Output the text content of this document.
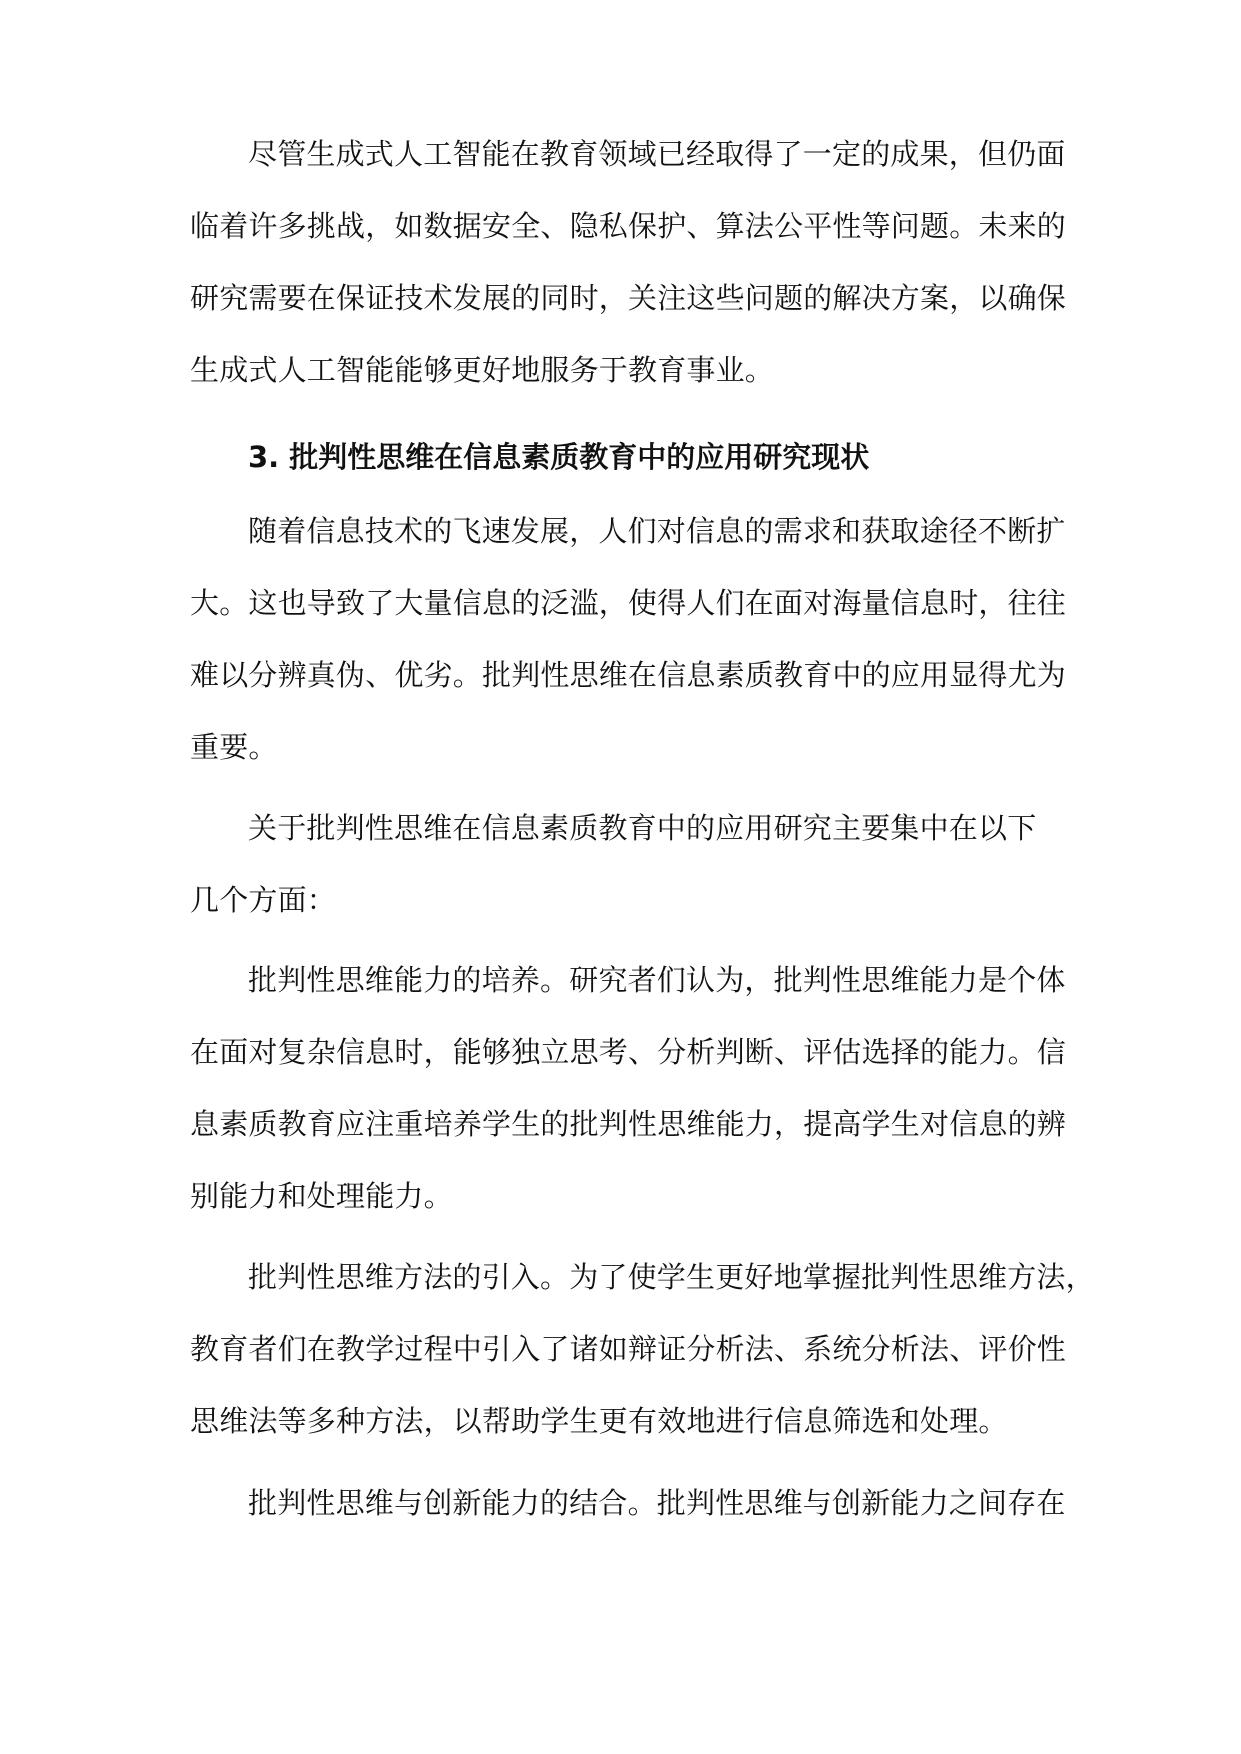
尽管生成式人工智能在教育领域已经取得了一定的成果，但仍面

临着许多挑战，如数据安全、隐私保护、算法公平性等问题。未来的

研究需要在保证技术发展的同时，关注这些问题的解决方案，以确保

生成式人工智能能够更好地服务于教育事业。

3. 批判性思维在信息素质教育中的应用研究现状

随着信息技术的飞速发展，人们对信息的需求和获取途径不断扩

大。这也导致了大量信息的泛滥，使得人们在面对海量信息时，往往

难以分辨真伪、优劣。批判性思维在信息素质教育中的应用显得尤为

重要。

关于批判性思维在信息素质教育中的应用研究主要集中在以下

几个方面：

批判性思维能力的培养。研究者们认为，批判性思维能力是个体

在面对复杂信息时，能够独立思考、分析判断、评估选择的能力。信

息素质教育应注重培养学生的批判性思维能力，提高学生对信息的辨

别能力和处理能力。

批判性思维方法的引入。为了使学生更好地掌握批判性思维方法，

教育者们在教学过程中引入了诸如辩证分析法、系统分析法、评价性

思维法等多种方法，以帮助学生更有效地进行信息筛选和处理。

批判性思维与创新能力的结合。批判性思维与创新能力之间存在
